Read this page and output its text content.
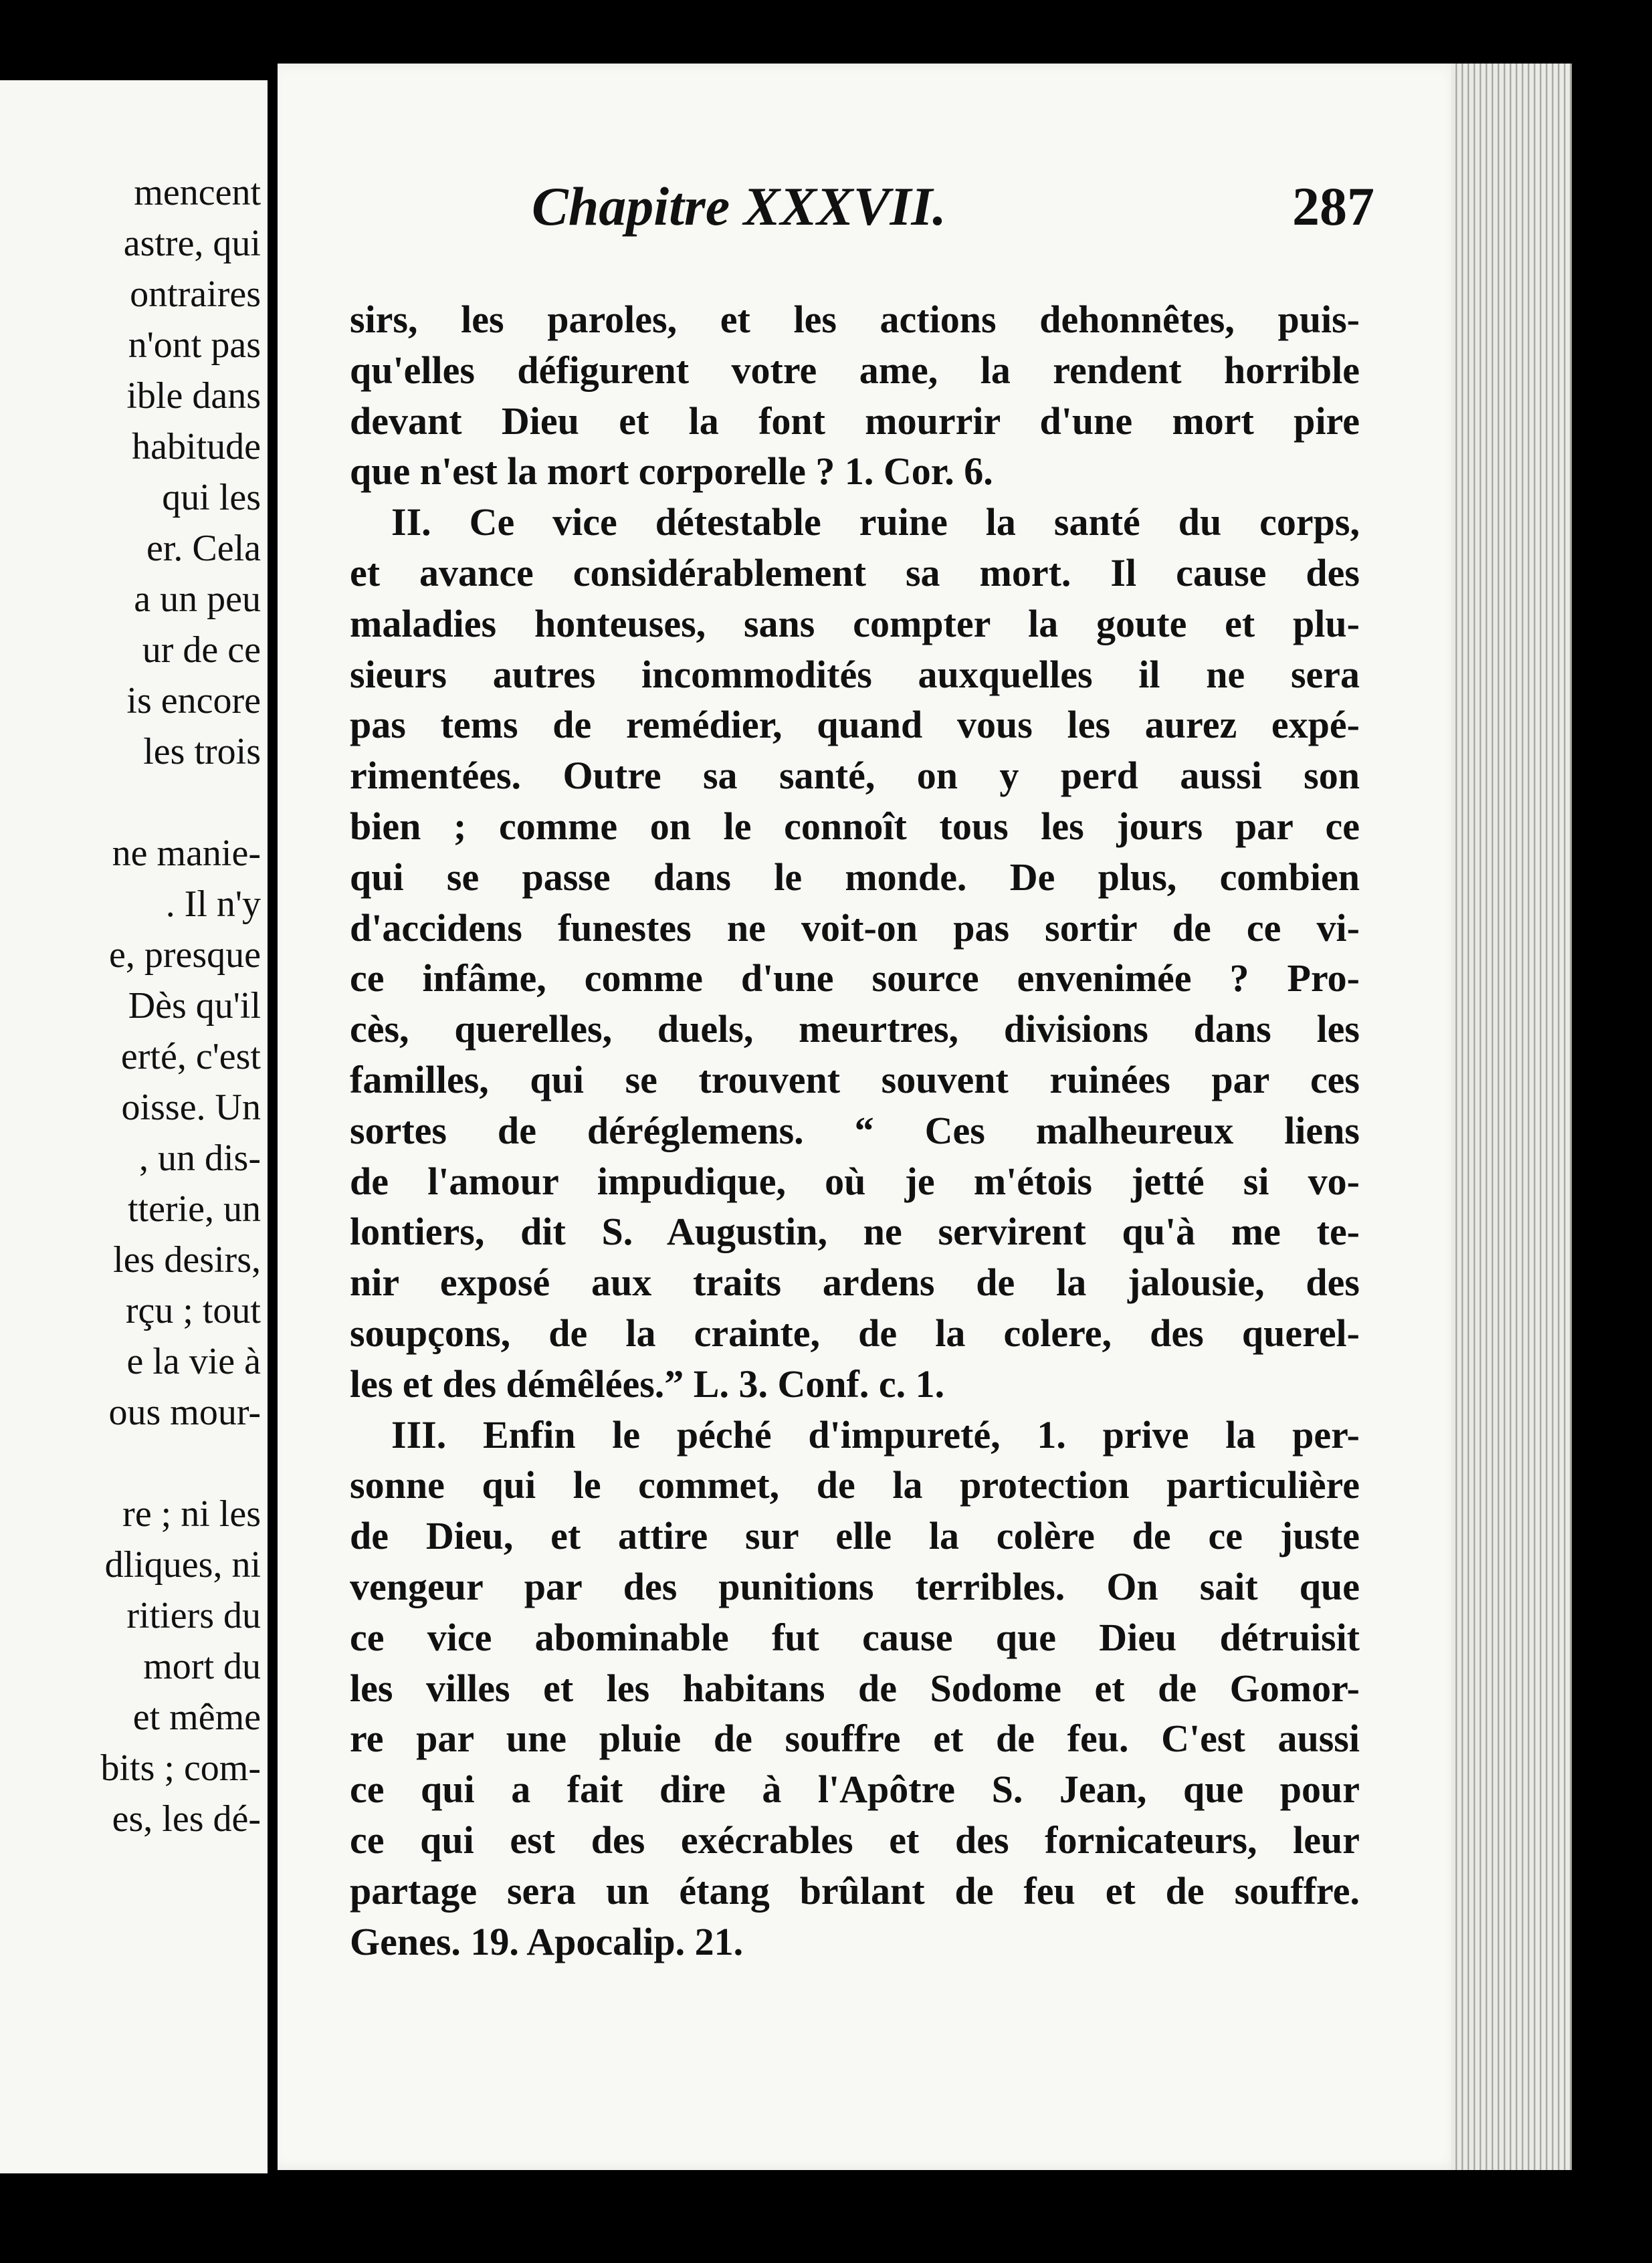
mencent
astre, qui
ontraires
n'ont pas
ible dans
habitude
qui les
er. Cela
a un peu
ur de ce
is encore
les trois
ne manie-
. Il n'y
e, presque
Dès qu'il
erté, c'est
oisse. Un
, un dis-
tterie, un
les desirs,
rçu ; tout
e la vie à
ous mour-
re ; ni les
dliques, ni
ritiers du
mort du
et même
bits ; com-
es, les dé-
Chapitre XXXVII.	287
sirs, les paroles, et les actions dehonnêtes, puis-
qu'elles défigurent votre ame, la rendent horrible
devant Dieu et la font mourrir d'une mort pire
que n'est la mort corporelle ? 1. Cor. 6.
II. Ce vice détestable ruine la santé du corps,
et avance considérablement sa mort. Il cause des
maladies honteuses, sans compter la goute et plu-
sieurs autres incommodités auxquelles il ne sera
pas tems de remédier, quand vous les aurez expé-
rimentées. Outre sa santé, on y perd aussi son
bien ; comme on le connoît tous les jours par ce
qui se passe dans le monde. De plus, combien
d'accidens funestes ne voit-on pas sortir de ce vi-
ce infâme, comme d'une source envenimée ? Pro-
cès, querelles, duels, meurtres, divisions dans les
familles, qui se trouvent souvent ruinées par ces
sortes de déréglemens. “ Ces malheureux liens
de l'amour impudique, où je m'étois jetté si vo-
lontiers, dit S. Augustin, ne servirent qu'à me te-
nir exposé aux traits ardens de la jalousie, des
soupçons, de la crainte, de la colere, des querel-
les et des démêlées.” L. 3. Conf. c. 1.
III. Enfin le péché d'impureté, 1. prive la per-
sonne qui le commet, de la protection particulière
de Dieu, et attire sur elle la colère de ce juste
vengeur par des punitions terribles. On sait que
ce vice abominable fut cause que Dieu détruisit
les villes et les habitans de Sodome et de Gomor-
re par une pluie de souffre et de feu. C'est aussi
ce qui a fait dire à l'Apôtre S. Jean, que pour
ce qui est des exécrables et des fornicateurs, leur
partage sera un étang brûlant de feu et de souffre.
Genes. 19. Apocalip. 21.
